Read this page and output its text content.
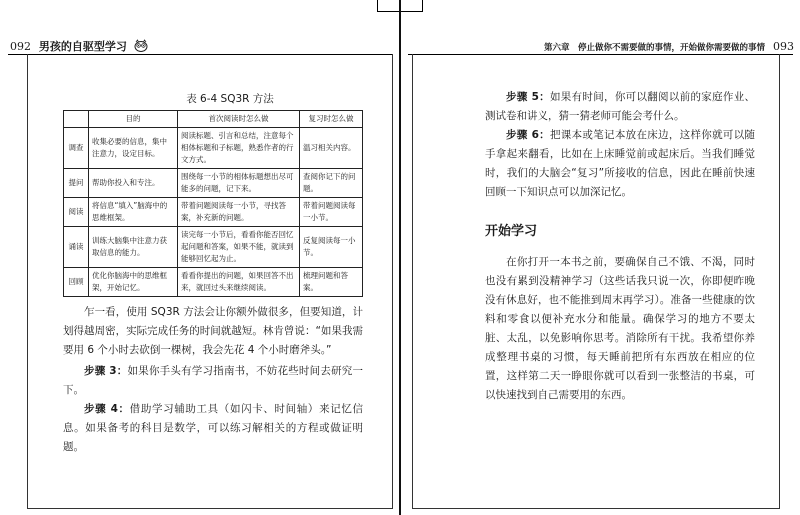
092 男孩的自驱型学习
表 6-4 SQ3R 方法
	目的	首次阅读时怎么做	复习时怎么做
调查	收集必要的信息，集中注意力，设定目标。	阅读标题、引言和总结，注意每个相体标题和子标题，熟悉作者的行文方式。	温习相关内容。
提问	帮助你投入和专注。	围绕每一小节的相体标题想出尽可能多的问题，记下来。	查阅你记下的问题。
阅读	将信息“填入”脑海中的思维框架。	带着问题阅读每一小节，寻找答案，补充新的问题。	带着问题阅读每一小节。
诵读	训练大脑集中注意力获取信息的能力。	读完每一小节后，看看你能否回忆起问题和答案，如果不能，就读到能够回忆起为止。	反复阅读每一小节。
回顾	优化你脑海中的思维框架，开始记忆。	看看你提出的问题，如果回答不出来，就回过头来继续阅读。	梳理问题和答案。
乍一看，使用 SQ3R 方法会让你额外做很多，但要知道，计划得越周密，实际完成任务的时间就越短。林肯曾说：“如果我需要用 6 个小时去砍倒一棵树，我会先花 4 个小时磨斧头。”
步骤 3：如果你手头有学习指南书，不妨花些时间去研究一下。
步骤 4：借助学习辅助工具（如闪卡、时间轴）来记忆信息。如果备考的科目是数学，可以练习解相关的方程或做证明题。
第六章　停止做你不需要做的事情，开始做你需要做的事情 093
步骤 5：如果有时间，你可以翻阅以前的家庭作业、测试卷和讲义，猜一猜老师可能会考什么。
步骤 6：把课本或笔记本放在床边，这样你就可以随手拿起来翻看，比如在上床睡觉前或起床后。当我们睡觉时，我们的大脑会“复习”所接收的信息，因此在睡前快速回顾一下知识点可以加深记忆。
开始学习
在你打开一本书之前，要确保自己不饿、不渴，同时也没有累到没精神学习（这些话我只说一次，你即便昨晚没有休息好，也不能推到周末再学习）。准备一些健康的饮料和零食以便补充水分和能量。确保学习的地方不要太脏、太乱，以免影响你思考。消除所有干扰。我希望你养成整理书桌的习惯，每天睡前把所有东西放在相应的位置，这样第二天一睁眼你就可以看到一张整洁的书桌，可以快速找到自己需要用的东西。
